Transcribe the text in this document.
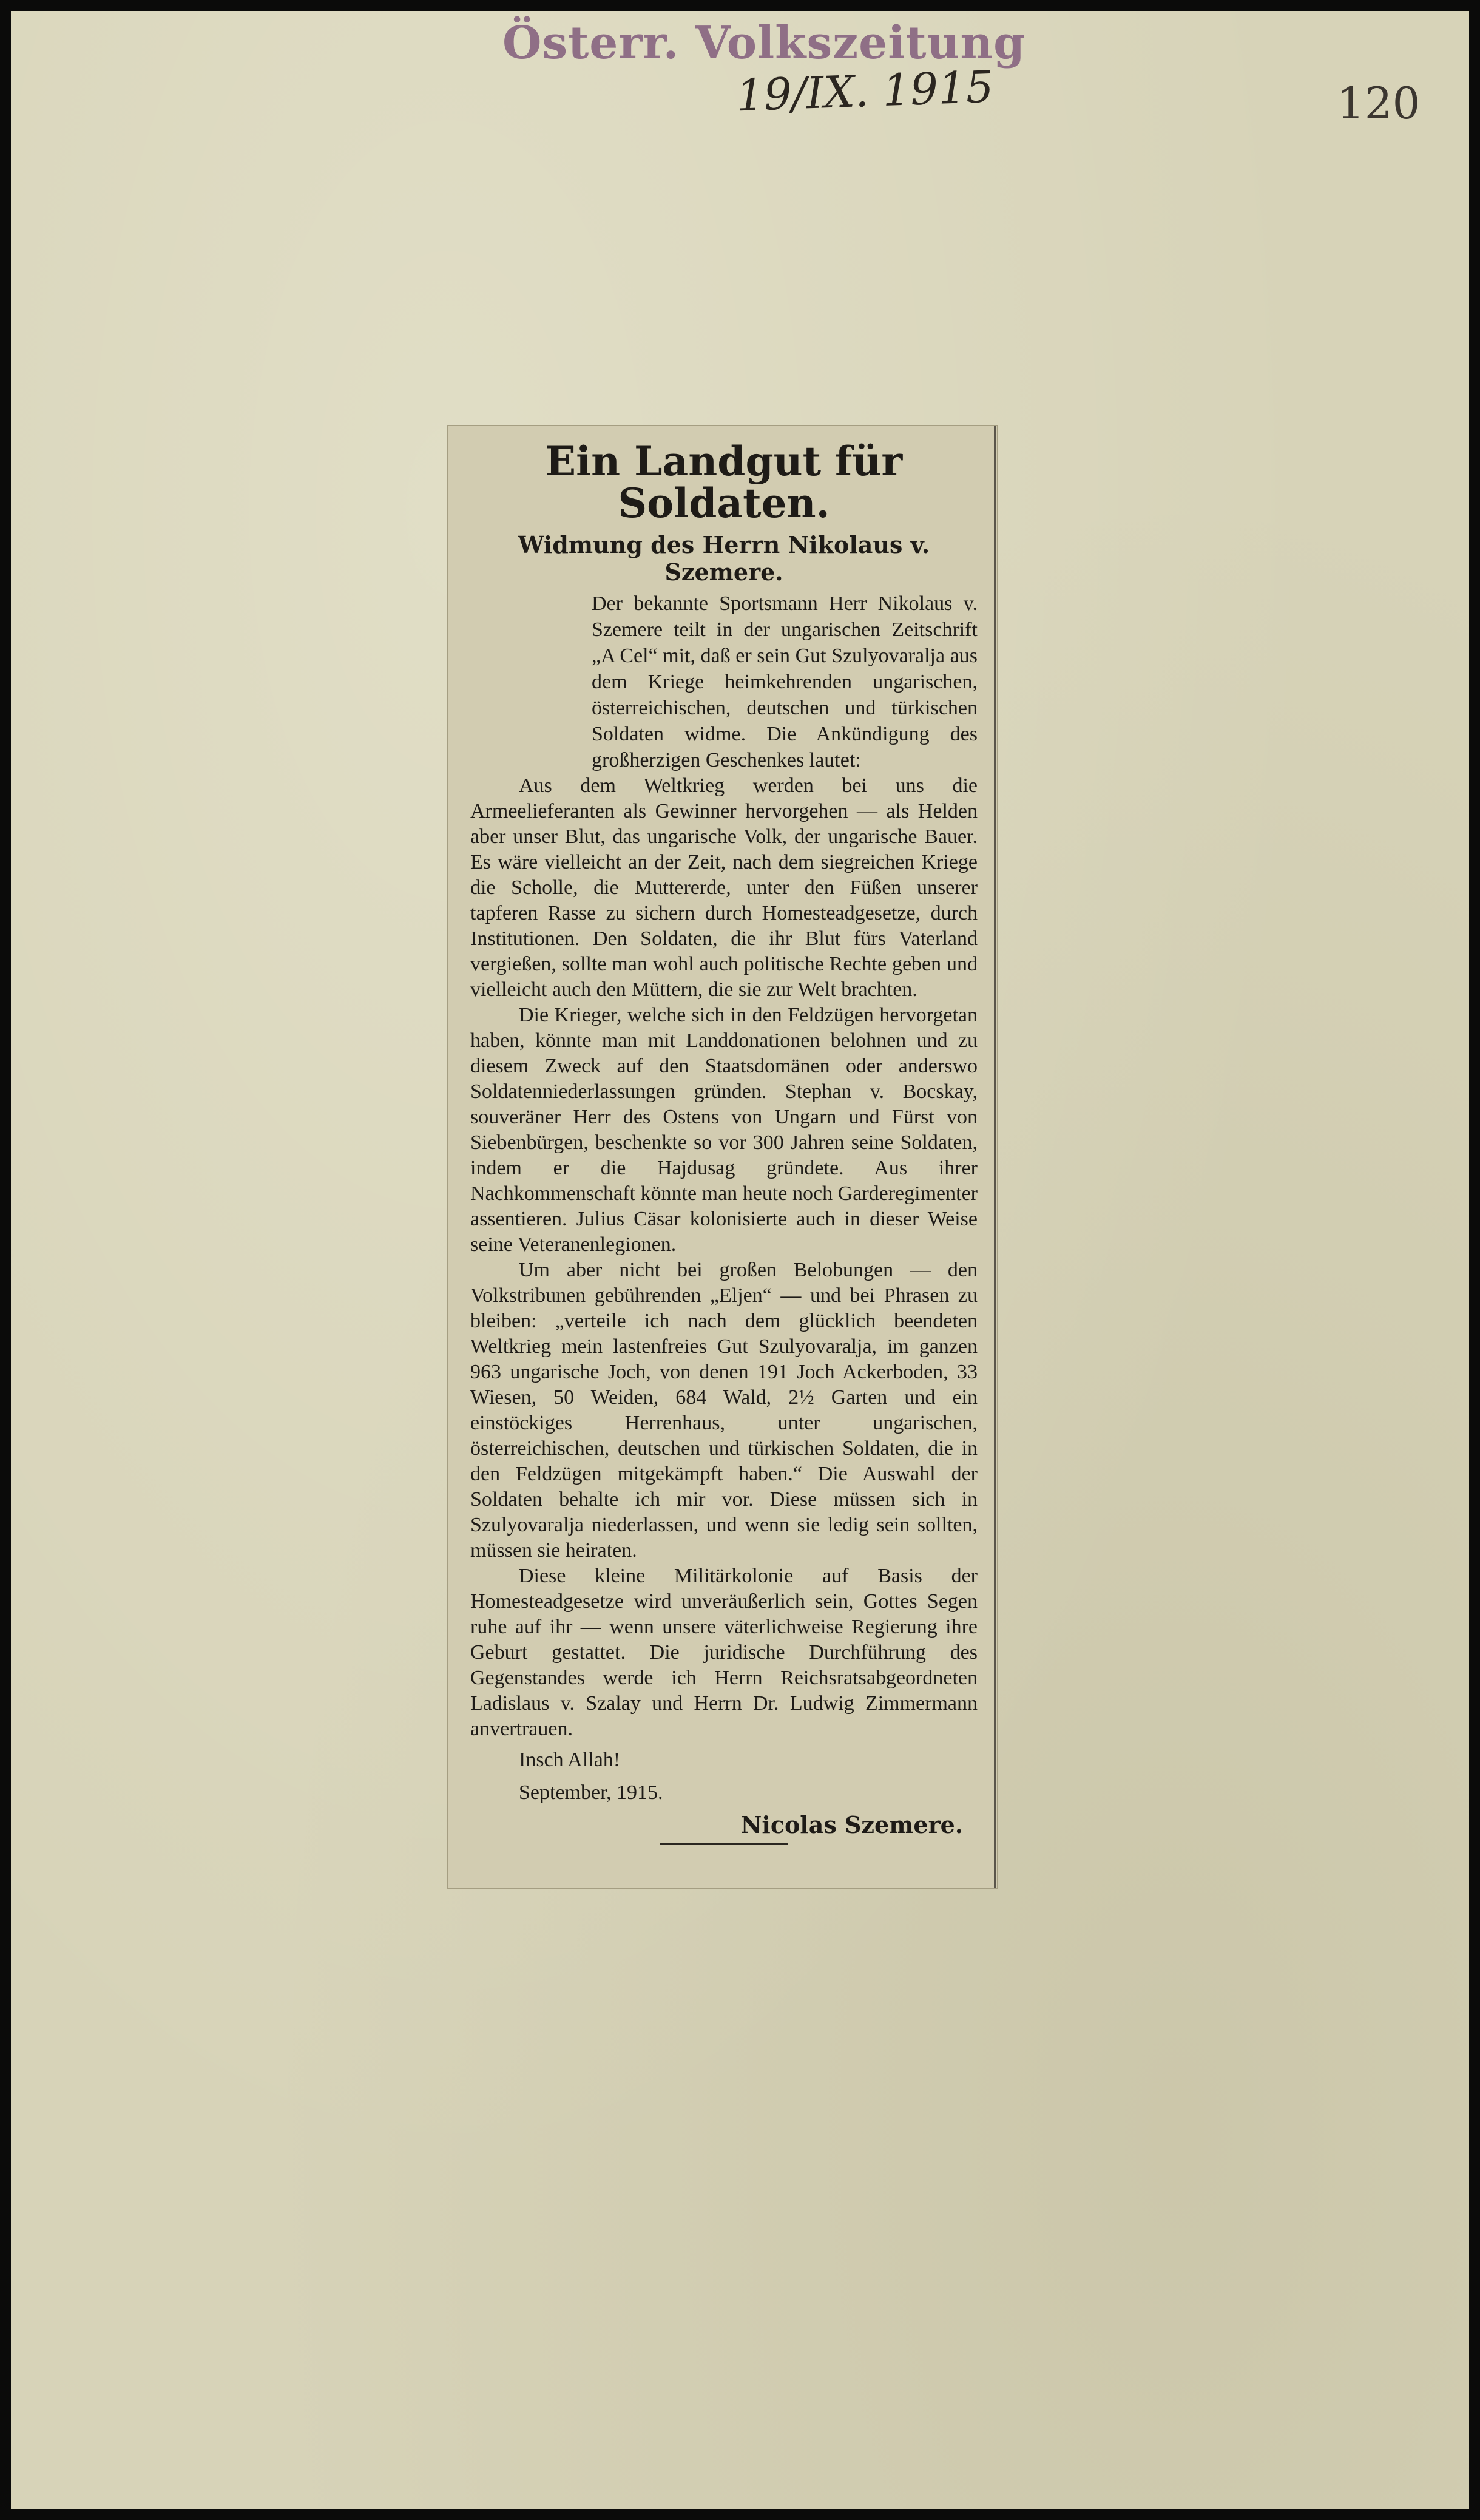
Österr. Volkszeitung
19/IX. 1915	120
Ein Landgut für Soldaten.
Widmung des Herrn Nikolaus v. Szemere.

Der bekannte Sportsmann Herr Nikolaus v. Szemere teilt in der ungarischen Zeitschrift „A Cel“ mit, daß er sein Gut Szulyovaralja aus dem Kriege heimkehrenden ungarischen, österreichischen, deutschen und türkischen Soldaten widme. Die Ankündigung des großherzigen Geschenkes lautet:

Aus dem Weltkrieg werden bei uns die Armeelieferanten als Gewinner hervorgehen — als Helden aber unser Blut, das ungarische Volk, der ungarische Bauer. Es wäre vielleicht an der Zeit, nach dem siegreichen Kriege die Scholle, die Muttererde, unter den Füßen unserer tapferen Rasse zu sichern durch Homesteadgesetze, durch Institutionen. Den Soldaten, die ihr Blut fürs Vaterland vergießen, sollte man wohl auch politische Rechte geben und vielleicht auch den Müttern, die sie zur Welt brachten.

Die Krieger, welche sich in den Feldzügen hervorgetan haben, könnte man mit Landdonationen belohnen und zu diesem Zweck auf den Staatsdomänen oder anderswo Soldatenniederlassungen gründen. Stephan v. Bocskay, souveräner Herr des Ostens von Ungarn und Fürst von Siebenbürgen, beschenkte so vor 300 Jahren seine Soldaten, indem er die Hajdusag gründete. Aus ihrer Nachkommenschaft könnte man heute noch Garderegimenter assentieren. Julius Cäsar kolonisierte auch in dieser Weise seine Veteranenlegionen.

Um aber nicht bei großen Belobungen — den Volkstribunen gebührenden „Eljen“ — und bei Phrasen zu bleiben: „verteile ich nach dem glücklich beendeten Weltkrieg mein lastenfreies Gut Szulyovaralja, im ganzen 963 ungarische Joch, von denen 191 Joch Ackerboden, 33 Wiesen, 50 Weiden, 684 Wald, 2½ Garten und ein einstöckiges Herrenhaus, unter ungarischen, österreichischen, deutschen und türkischen Soldaten, die in den Feldzügen mitgekämpft haben.“ Die Auswahl der Soldaten behalte ich mir vor. Diese müssen sich in Szulyovaralja niederlassen, und wenn sie ledig sein sollten, müssen sie heiraten.

Diese kleine Militärkolonie auf Basis der Homesteadgesetze wird unveräußerlich sein, Gottes Segen ruhe auf ihr — wenn unsere väterlichweise Regierung ihre Geburt gestattet. Die juridische Durchführung des Gegenstandes werde ich Herrn Reichsratsabgeordneten Ladislaus v. Szalay und Herrn Dr. Ludwig Zimmermann anvertrauen.

Insch Allah!
September, 1915.
Nicolas Szemere.
